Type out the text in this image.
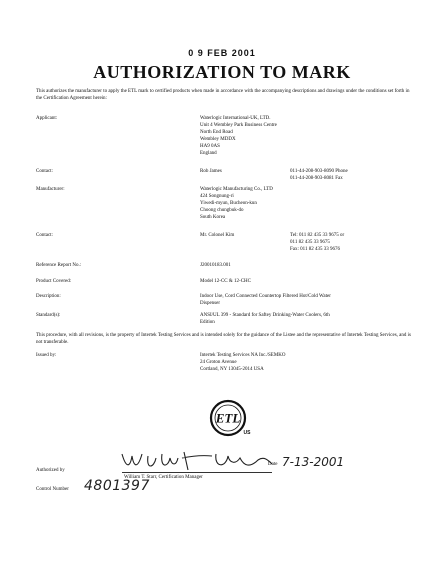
0 9 FEB 2001
AUTHORIZATION TO MARK
This authorizes the manufacturer to apply the ETL mark to certified products when made in accordance with the accompanying descriptions and drawings under the conditions set forth in the Certification Agreement herein:
Applicant:	Waterlogic International-UK, LTD.
Unit 4 Wembley Park Business Centre
North End Road
Wembley MDDX
HA9 0AS
England
Contact:	Rob James	011-44-208-903-8090 Phone
011-44-208-903-8081 Fax
Manufacturer:	Waterlogic Manufacturing Co., LTD
424 Songnung-ri
Yiwedi-myun, Bucheon-kun
Choong chungbuk-do
South Korea
Contact:	Mr. Colonel Kim	Tel: 011 82 435 33 9675 or
011 82 435 33 9675
Fax: 011 82 435 33 9676
Reference Report No.:	J20010183.001
Product Covered:	Model 12-CC & 12-CHC
Description:	Indoor Use, Cord Connected Countertop Filtered Hot/Cold Water
Dispenser
Standard(s):	ANSI/UL 399 - Standard for Saftey Drinking-Water Coolers, 6th
Edition
This procedure, with all revisions, is the property of Intertek Testing Services and is intended solely for the guidance of the Listee and the representative of Intertek Testing Services, and is not transferable.
Issued by:	Intertek Testing Services NA Inc./SEMKO
24 Groton Avenue
Cortland, NY 13045-2014 USA
ETL
US
Authorized by
William T. Starr, Certification Manager
Date 7-13-2001
Control Number 4801397
